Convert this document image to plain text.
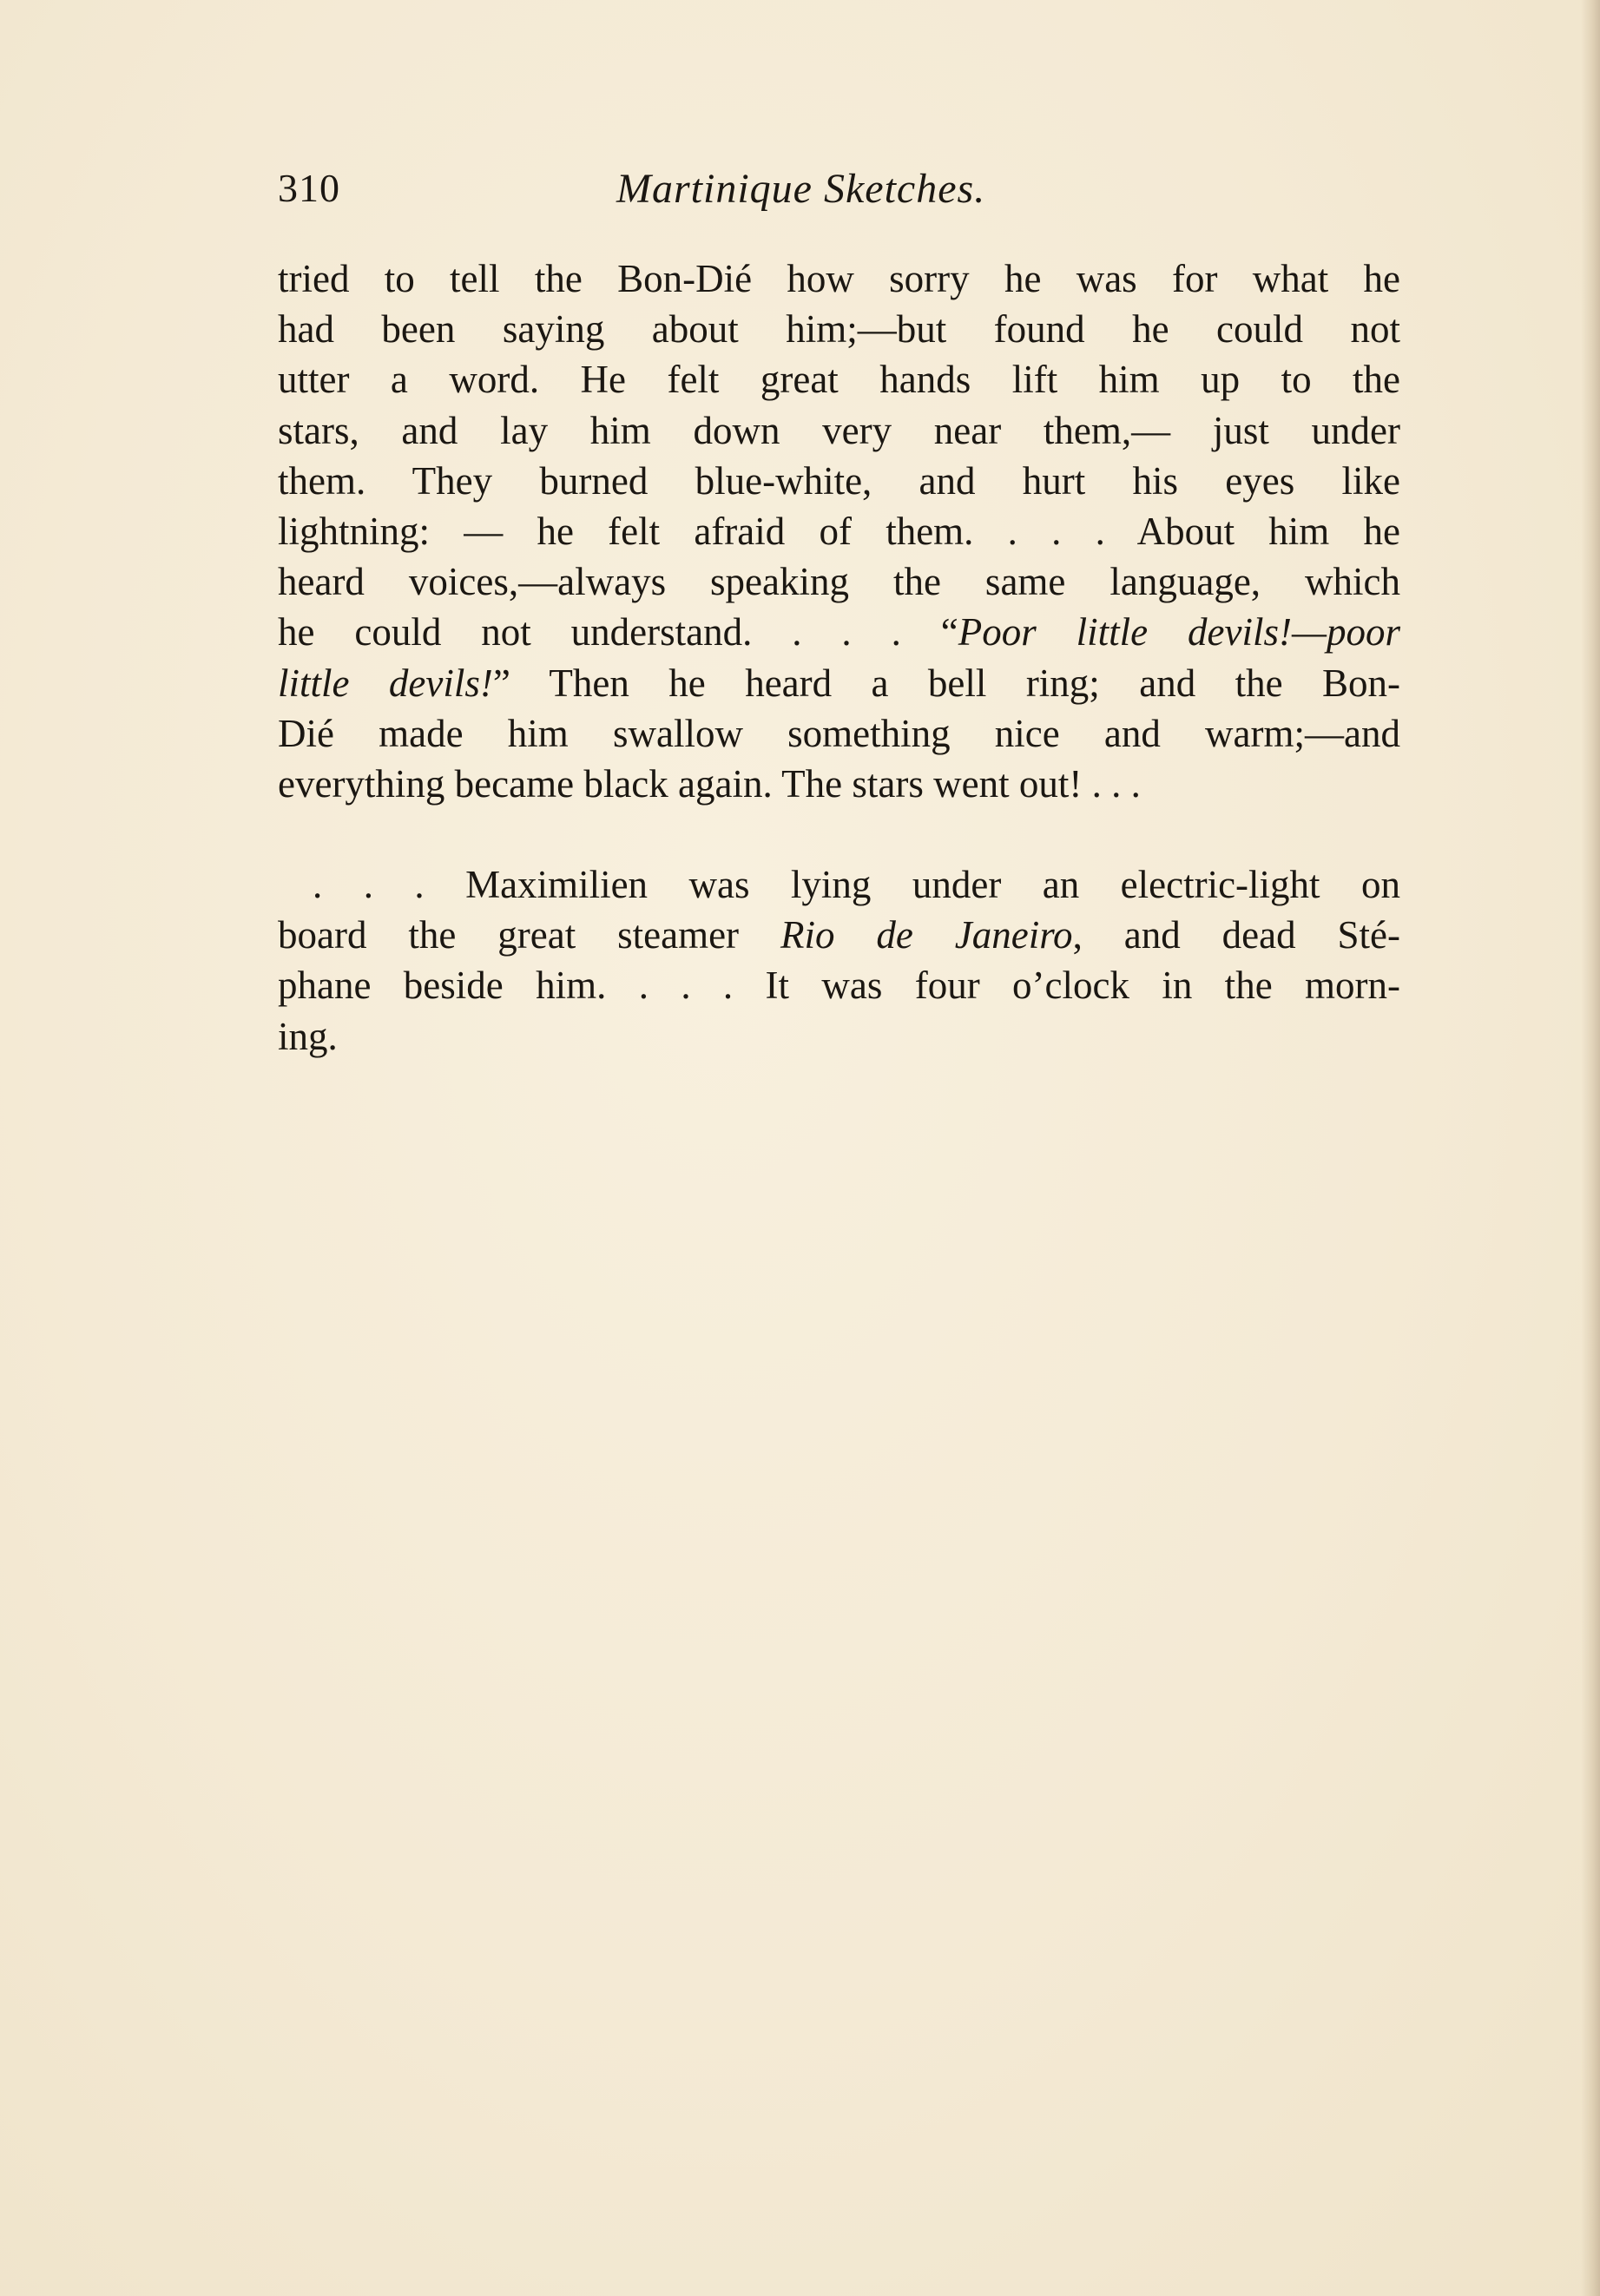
310	Martinique Sketches.
tried to tell the Bon-Dié how sorry he was for what he
had been saying about him;—but found he could not
utter a word. He felt great hands lift him up to the
stars, and lay him down very near them,— just under
them. They burned blue-white, and hurt his eyes like
lightning: — he felt afraid of them. . . . About him he
heard voices,—always speaking the same language, which
he could not understand. . . . “Poor little devils!—poor
little devils!” Then he heard a bell ring; and the Bon-
Dié made him swallow something nice and warm;—and
everything became black again. The stars went out! . . .
. . . Maximilien was lying under an electric-light on
board the great steamer Rio de Janeiro, and dead Sté-
phane beside him. . . . It was four o’clock in the morn-
ing.
